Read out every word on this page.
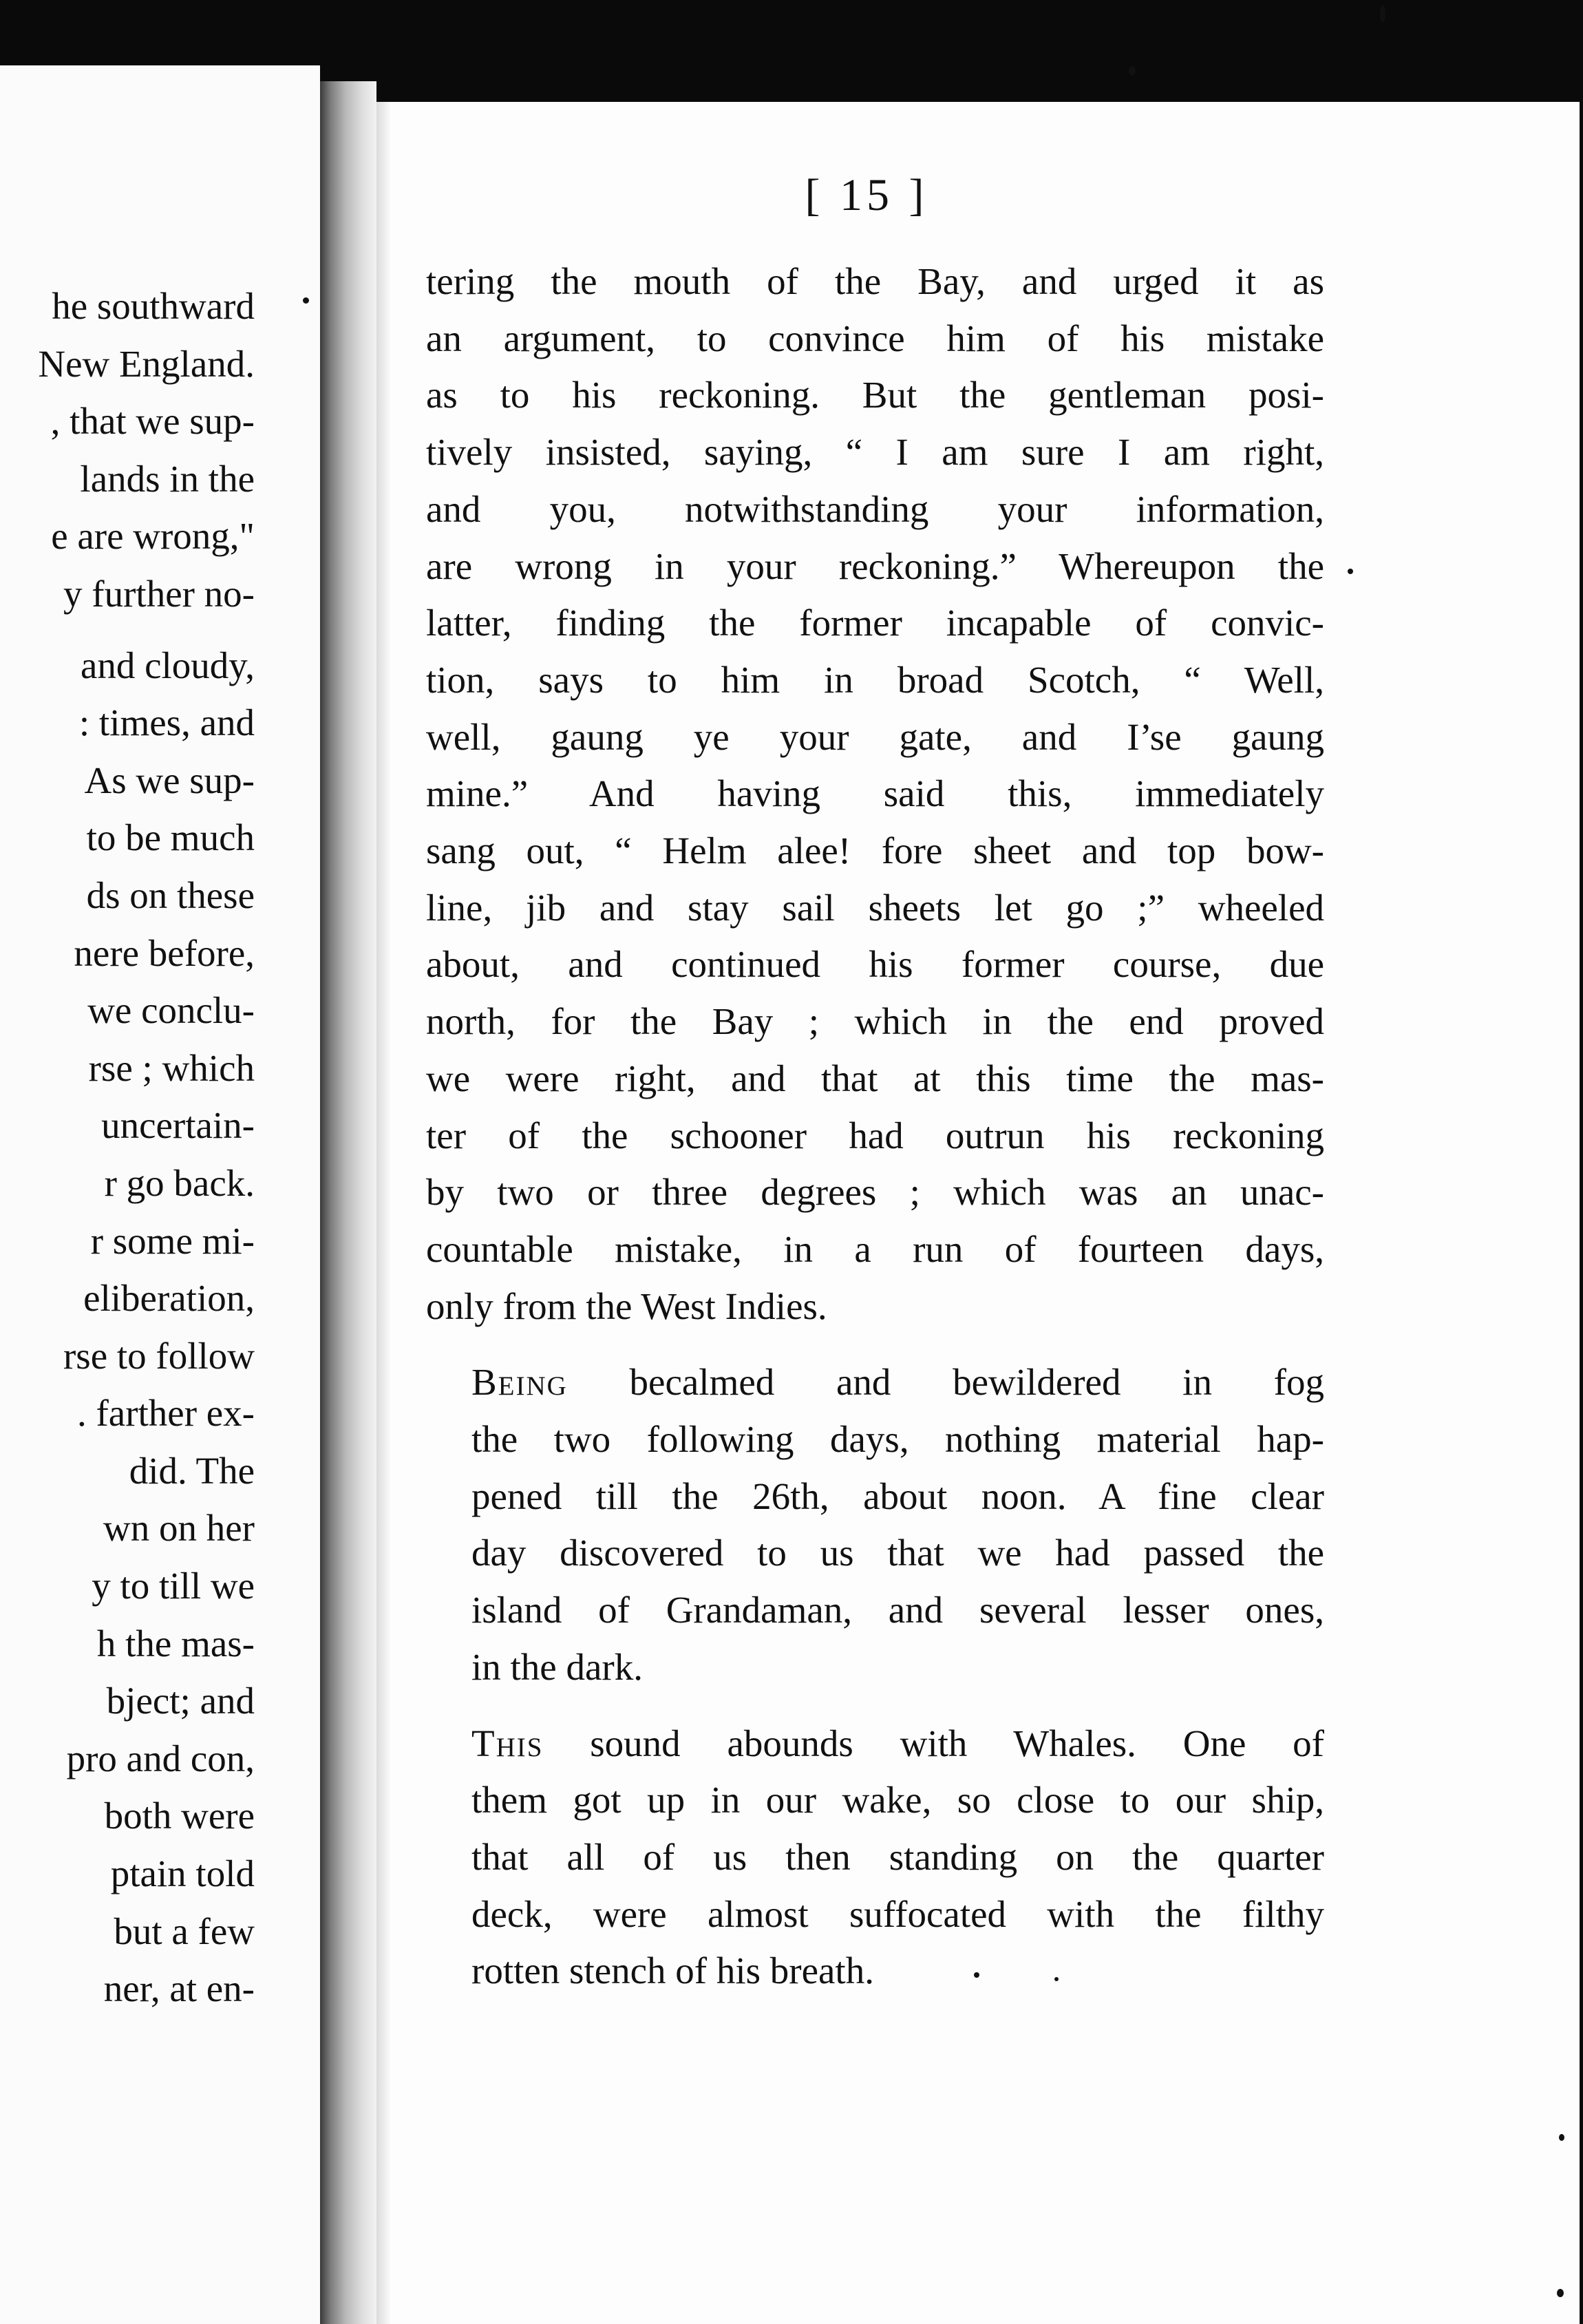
he southward
New England.
, that we sup-
lands in the
e are wrong,"
y further no-
and cloudy,
: times, and
As we sup-
to be much
ds on these
nere before,
we conclu-
rse ; which
uncertain-
r go back.
r some mi-
eliberation,
rse to follow
. farther ex-
did. The
wn on her
y to till we
h the mas-
bject; and
pro and con,
both were
ptain told
but a few
ner, at en-
[ 15 ]

tering the mouth of the Bay, and urged it as
an argument, to convince him of his mistake
as to his reckoning. But the gentleman posi-
tively insisted, saying, “ I am sure I am right,
and you, notwithstanding your information,
are wrong in your reckoning.” Whereupon the
latter, finding the former incapable of convic-
tion, says to him in broad Scotch, “ Well,
well, gaung ye your gate, and I’se gaung
mine.” And having said this, immediately
sang out, “ Helm alee! fore sheet and top bow-
line, jib and stay sail sheets let go ;” wheeled
about, and continued his former course, due
north, for the Bay ; which in the end proved
we were right, and that at this time the mas-
ter of the schooner had outrun his reckoning
by two or three degrees ; which was an unac-
countable mistake, in a run of fourteen days,
only from the West Indies.

Being becalmed and bewildered in fog
the two following days, nothing material hap-
pened till the 26th, about noon. A fine clear
day discovered to us that we had passed the
island of Grandaman, and several lesser ones,
in the dark.

This sound abounds with Whales. One of
them got up in our wake, so close to our ship,
that all of us then standing on the quarter
deck, were almost suffocated with the filthy
rotten stench of his breath.
